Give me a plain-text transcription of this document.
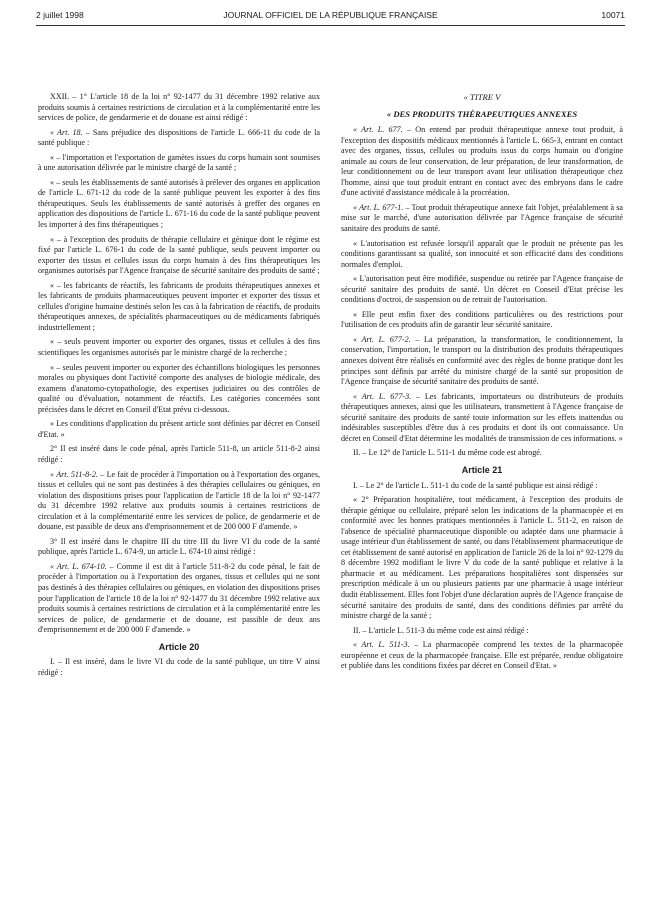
2 juillet 1998	JOURNAL OFFICIEL DE LA RÉPUBLIQUE FRANÇAISE	10071

XXII. – 1° L'article 18 de la loi n° 92-1477 du 31 décembre 1992 relative aux produits soumis à certaines restrictions de circulation et à la complémentarité entre les services de police, de gendarmerie et de douane est ainsi rédigé :

« Art. 18. – Sans préjudice des dispositions de l'article L. 666-11 du code de la santé publique :

« – l'importation et l'exportation de gamètes issues du corps humain sont soumises à une autorisation délivrée par le ministre chargé de la santé ;

« – seuls les établissements de santé autorisés à prélever des organes en application de l'article L. 671-12 du code de la santé publique peuvent les exporter à des fins thérapeutiques. Seuls les établissements de santé autorisés à greffer des organes en application des dispositions de l'article L. 671-16 du code de la santé publique peuvent les importer à des fins thérapeutiques ;

« – à l'exception des produits de thérapie cellulaire et génique dont le régime est fixé par l'article L. 676-1 du code de la santé publique, seuls peuvent importer ou exporter des tissus et cellules issus du corps humain à des fins thérapeutiques les organismes autorisés par l'Agence française de sécurité sanitaire des produits de santé ;

« – les fabricants de réactifs, les fabricants de produits thérapeutiques annexes et les fabricants de produits pharmaceutiques peuvent importer et exporter des tissus et cellules d'origine humaine destinés selon les cas à la fabrication de réactifs, de produits thérapeutiques annexes, de spécialités pharmaceutiques ou de médicaments fabriqués industriellement ;

« – seuls peuvent importer ou exporter des organes, tissus et cellules à des fins scientifiques les organismes autorisés par le ministre chargé de la recherche ;

« – seules peuvent importer ou exporter des échantillons biologiques les personnes morales ou physiques dont l'activité comporte des analyses de biologie médicale, des examens d'anatomo-cytopathologie, des expertises judiciaires ou des contrôles de qualité ou d'évaluation, notamment de réactifs. Les catégories concernées sont précisées dans le décret en Conseil d'Etat prévu ci-dessous.

« Les conditions d'application du présent article sont définies par décret en Conseil d'Etat. »

2° Il est inséré dans le code pénal, après l'article 511-8, un article 511-8-2 ainsi rédigé :

« Art. 511-8-2. – Le fait de procéder à l'importation ou à l'exportation des organes, tissus et cellules qui ne sont pas destinées à des thérapies cellulaires ou géniques, en violation des dispositions prises pour l'application de l'article 18 de la loi n° 92-1477 du 31 décembre 1992 relative aux produits soumis à certaines restrictions de circulation et à la complémentarité entre les services de police, de gendarmerie et de douane, est passible de deux ans d'emprisonnement et de 200 000 F d'amende. »

3° Il est inséré dans le chapitre III du titre III du livre VI du code de la santé publique, après l'article L. 674-9, un article L. 674-10 ainsi rédigé :

« Art. L. 674-10. – Comme il est dit à l'article 511-8-2 du code pénal, le fait de procéder à l'importation ou à l'exportation des organes, tissus et cellules qui ne sont pas destinés à des thérapies cellulaires ou géniques, en violation des dispositions prises pour l'application de l'article 18 de la loi n° 92-1477 du 31 décembre 1992 relative aux produits soumis à certaines restrictions de circulation et à la complémentarité entre les services de police, de gendarmerie et de douane, est passible de deux ans d'emprisonnement et de 200 000 F d'amende. »

Article 20

I. – Il est inséré, dans le livre VI du code de la santé publique, un titre V ainsi rédigé :

« TITRE V
« DES PRODUITS THÉRAPEUTIQUES ANNEXES

« Art. L. 677. – On entend par produit thérapeutique annexe tout produit, à l'exception des dispositifs médicaux mentionnés à l'article L. 665-3, entrant en contact avec des organes, tissus, cellules ou produits issus du corps humain ou d'origine animale au cours de leur conservation, de leur préparation, de leur transformation, de leur conditionnement ou de leur transport avant leur utilisation thérapeutique chez l'homme, ainsi que tout produit entrant en contact avec des embryons dans le cadre d'une activité d'assistance médicale à la procréation.

« Art. L. 677-1. – Tout produit thérapeutique annexe fait l'objet, préalablement à sa mise sur le marché, d'une autorisation délivrée par l'Agence française de sécurité sanitaire des produits de santé.

« L'autorisation est refusée lorsqu'il apparaît que le produit ne présente pas les conditions garantissant sa qualité, son innocuité et son efficacité dans des conditions normales d'emploi.

« L'autorisation peut être modifiée, suspendue ou retirée par l'Agence française de sécurité sanitaire des produits de santé. Un décret en Conseil d'Etat précise les conditions d'octroi, de suspension ou de retrait de l'autorisation.

« Elle peut enfin fixer des conditions particulières ou des restrictions pour l'utilisation de ces produits afin de garantir leur sécurité sanitaire.

« Art. L. 677-2. – La préparation, la transformation, le conditionnement, la conservation, l'importation, le transport ou la distribution des produits thérapeutiques annexes doivent être réalisés en conformité avec des règles de bonne pratique dont les principes sont définis par arrêté du ministre chargé de la santé sur proposition de l'Agence française de sécurité sanitaire des produits de santé.

« Art. L. 677-3. – Les fabricants, importateurs ou distributeurs de produits thérapeutiques annexes, ainsi que les utilisateurs, transmettent à l'Agence française de sécurité sanitaire des produits de santé toute information sur les effets inattendus ou indésirables susceptibles d'être dus à ces produits et dont ils ont connaissance. Un décret en Conseil d'Etat détermine les modalités de transmission de ces informations. »

II. – Le 12° de l'article L. 511-1 du même code est abrogé.

Article 21

I. – Le 2° de l'article L. 511-1 du code de la santé publique est ainsi rédigé :

« 2° Préparation hospitalière, tout médicament, à l'exception des produits de thérapie génique ou cellulaire, préparé selon les indications de la pharmacopée et en conformité avec les bonnes pratiques mentionnées à l'article L. 511-2, en raison de l'absence de spécialité pharmaceutique disponible ou adaptée dans une pharmacie à usage intérieur d'un établissement de santé, ou dans l'établissement pharmaceutique de cet établissement de santé autorisé en application de l'article 26 de la loi n° 92-1279 du 8 décembre 1992 modifiant le livre V du code de la santé publique et relative à la pharmacie et au médicament. Les préparations hospitalières sont dispensées sur prescription médicale à un ou plusieurs patients par une pharmacie à usage intérieur dudit établissement. Elles font l'objet d'une déclaration auprès de l'Agence française de sécurité sanitaire des produits de santé, dans des conditions définies par arrêté du ministre chargé de la santé ;

II. – L'article L. 511-3 du même code est ainsi rédigé :

« Art. L. 511-3. – La pharmacopée comprend les textes de la pharmacopée européenne et ceux de la pharmacopée française. Elle est préparée, rendue obligatoire et publiée dans les conditions fixées par décret en Conseil d'Etat. »
